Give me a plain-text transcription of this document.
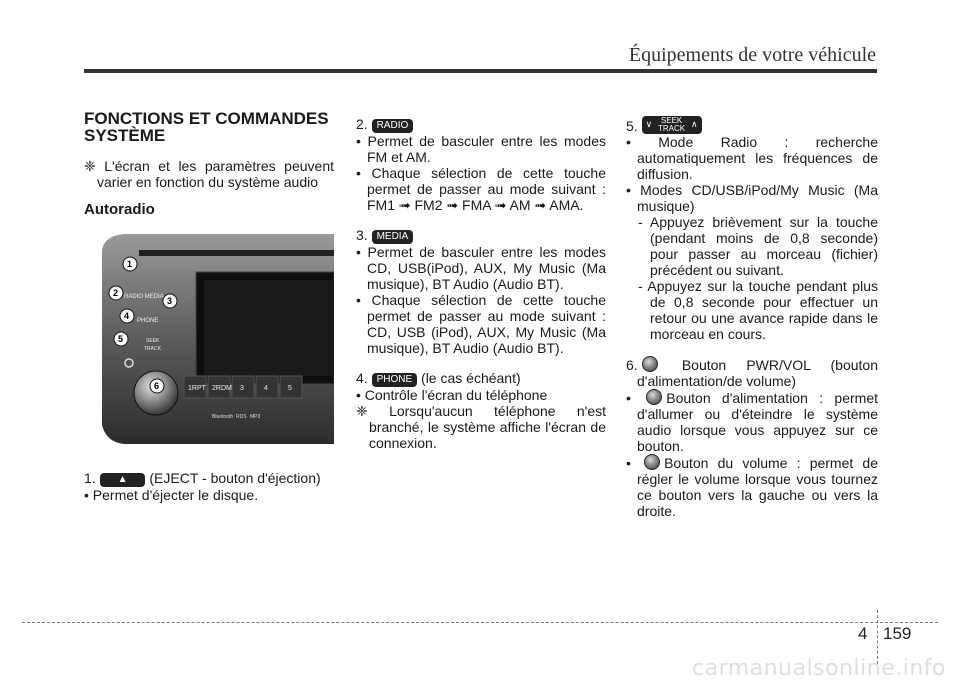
Équipements de votre véhicule
FONCTIONS ET COMMANDES SYSTÈME

❈ L'écran et les paramètres peuvent varier en fonction du système audio

Autoradio
RADIO MEDIA
PHONE
SEEK
TRACK
1RPT 2RDM 3	4	5
Bluetooth RDS MP3
1
2
3
4
5
6

1. ▲ (EJECT - bouton d'éjection)

• Permet d'éjecter le disque.

2. RADIO

• Permet de basculer entre les modes FM et AM.

• Chaque sélection de cette touche permet de passer au mode suivant : FM1 ➟ FM2 ➟ FMA ➟ AM ➟ AMA.

3. MEDIA

• Permet de basculer entre les modes CD, USB(iPod), AUX, My Music (Ma musique), BT Audio (Audio BT).

• Chaque sélection de cette touche permet de passer au mode suivant : CD, USB (iPod), AUX, My Music (Ma musique), BT Audio (Audio BT).

4. PHONE (le cas échéant)

• Contrôle l'écran du téléphone

❈ Lorsqu'aucun téléphone n'est branché, le système affiche l'écran de connexion.

5.	SEEK
TRACK
∨	∧

• Mode Radio : recherche automatiquement les fréquences de diffusion.

• Modes CD/USB/iPod/My Music (Ma musique)

- Appuyez brièvement sur la touche (pendant moins de 0,8 seconde) pour passer au morceau (fichier) précédent ou suivant.

- Appuyez sur la touche pendant plus de 0,8 seconde pour effectuer un retour ou une avance rapide dans le morceau en cours.

6.	Bouton PWR/VOL (bouton d'alimentation/de volume)

• Bouton d'alimentation : permet d'allumer ou d'éteindre le système audio lorsque vous appuyez sur ce bouton.

• Bouton du volume : permet de régler le volume lorsque vous tournez ce bouton vers la gauche ou vers la droite.

4 159
carmanualsonline.info
